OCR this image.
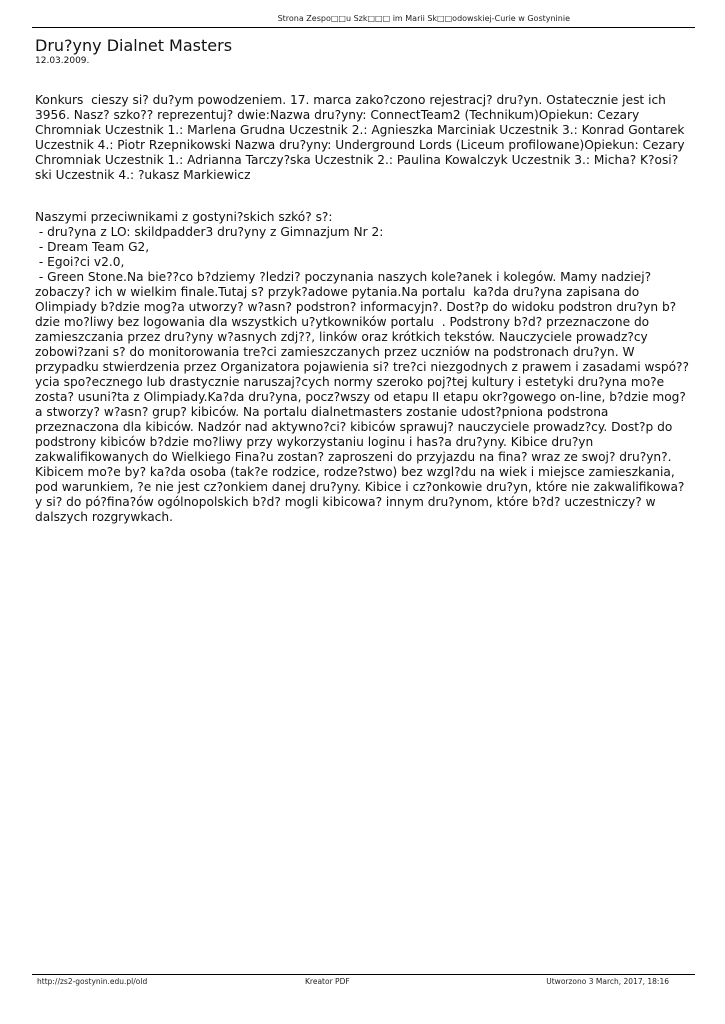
Strona Zespo□□u Szk□□□ im Marii Sk□□odowskiej-Curie w Gostyninie
Dru?yny Dialnet Masters
12.03.2009.
Konkurs  cieszy si? du?ym powodzeniem. 17. marca zako?czono rejestracj? dru?yn. Ostatecznie jest ich 3956. Nasz? szko?? reprezentuj? dwie:Nazwa dru?yny: ConnectTeam2 (Technikum)Opiekun: Cezary Chromniak Uczestnik 1.: Marlena Grudna Uczestnik 2.: Agnieszka Marciniak Uczestnik 3.: Konrad Gontarek Uczestnik 4.: Piotr Rzepnikowski Nazwa dru?yny: Underground Lords (Liceum profilowane)Opiekun: Cezary Chromniak Uczestnik 1.: Adrianna Tarczy?ska Uczestnik 2.: Paulina Kowalczyk Uczestnik 3.: Micha? K?osi?ski Uczestnik 4.: ?ukasz Markiewicz
Naszymi przeciwnikami z gostyni?skich szkó? s?:
- dru?yna z LO: skildpadder3 dru?yny z Gimnazjum Nr 2:
- Dream Team G2,
- Egoi?ci v2.0,
- Green Stone.Na bie??co b?dziemy ?ledzi? poczynania naszych kole?anek i kolegów. Mamy nadziej? zobaczy? ich w wielkim finale.Tutaj s? przyk?adowe pytania.Na portalu  ka?da dru?yna zapisana do Olimpiady b?dzie mog?a utworzy? w?asn? podstron? informacyjn?. Dost?p do widoku podstron dru?yn b?dzie mo?liwy bez logowania dla wszystkich u?ytkowników portalu  . Podstrony b?d? przeznaczone do zamieszczania przez dru?yny w?asnych zdj??, linków oraz krótkich tekstów. Nauczyciele prowadz?cy zobowi?zani s? do monitorowania tre?ci zamieszczanych przez uczniów na podstronach dru?yn. W przypadku stwierdzenia przez Organizatora pojawienia si? tre?ci niezgodnych z prawem i zasadami wspó??ycia spo?ecznego lub drastycznie naruszaj?cych normy szeroko poj?tej kultury i estetyki dru?yna mo?e zosta? usuni?ta z Olimpiady.Ka?da dru?yna, pocz?wszy od etapu II etapu okr?gowego on-line, b?dzie mog?a stworzy? w?asn? grup? kibiców. Na portalu dialnetmasters zostanie udost?pniona podstrona przeznaczona dla kibiców. Nadzór nad aktywno?ci? kibiców sprawuj? nauczyciele prowadz?cy. Dost?p do podstrony kibiców b?dzie mo?liwy przy wykorzystaniu loginu i has?a dru?yny. Kibice dru?yn zakwalifikowanych do Wielkiego Fina?u zostan? zaproszeni do przyjazdu na fina? wraz ze swoj? dru?yn?. Kibicem mo?e by? ka?da osoba (tak?e rodzice, rodze?stwo) bez wzgl?du na wiek i miejsce zamieszkania, pod warunkiem, ?e nie jest cz?onkiem danej dru?yny. Kibice i cz?onkowie dru?yn, które nie zakwalifikowa?y si? do pó?fina?ów ogólnopolskich b?d? mogli kibicowa? innym dru?ynom, które b?d? uczestniczy? w dalszych rozgrywkach.
http://zs2-gostynin.edu.pl/old	Kreator PDF	Utworzono 3 March, 2017, 18:16
